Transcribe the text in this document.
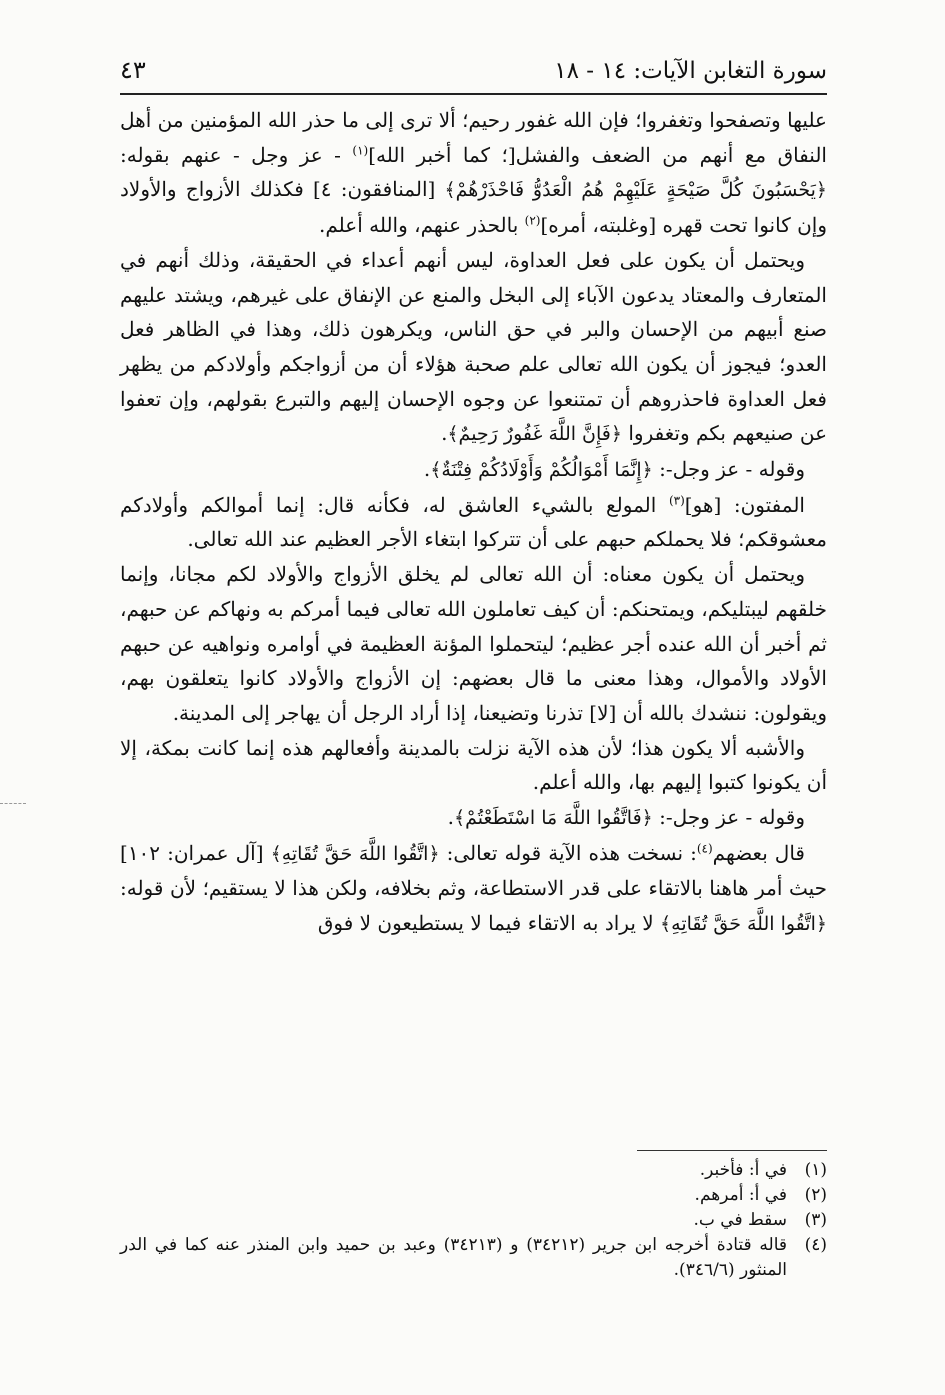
سورة التغابن الآيات: ١٤ - ١٨
٤٣

عليها وتصفحوا وتغفروا؛ فإن الله غفور رحيم؛ ألا ترى إلى ما حذر الله المؤمنين من أهل النفاق مع أنهم من الضعف والفشل[؛ كما أخبر الله]$^{(١)}$ - عز وجل - عنهم بقوله: ﴿يَحْسَبُونَ كُلَّ صَيْحَةٍ عَلَيْهِمْ هُمُ الْعَدُوُّ فَاحْذَرْهُمْ﴾ [المنافقون: ٤] فكذلك الأزواج والأولاد وإن كانوا تحت قهره [وغلبته، أمره]$^{(٢)}$ بالحذر عنهم، والله أعلم.

ويحتمل أن يكون على فعل العداوة، ليس أنهم أعداء في الحقيقة، وذلك أنهم في المتعارف والمعتاد يدعون الآباء إلى البخل والمنع عن الإنفاق على غيرهم، ويشتد عليهم صنع أبيهم من الإحسان والبر في حق الناس، ويكرهون ذلك، وهذا في الظاهر فعل العدو؛ فيجوز أن يكون الله تعالى علم صحبة هؤلاء أن من أزواجكم وأولادكم من يظهر فعل العداوة فاحذروهم أن تمتنعوا عن وجوه الإحسان إليهم والتبرع بقولهم، وإن تعفوا عن صنيعهم بكم وتغفروا ﴿فَإِنَّ اللَّهَ غَفُورٌ رَحِيمٌ﴾.

وقوله - عز وجل-: ﴿إِنَّمَا أَمْوَالُكُمْ وَأَوْلَادُكُمْ فِتْنَةٌ﴾.

المفتون: [هو]$^{(٣)}$ المولع بالشيء العاشق له، فكأنه قال: إنما أموالكم وأولادكم معشوقكم؛ فلا يحملكم حبهم على أن تتركوا ابتغاء الأجر العظيم عند الله تعالى.

ويحتمل أن يكون معناه: أن الله تعالى لم يخلق الأزواج والأولاد لكم مجانا، وإنما خلقهم ليبتليكم، ويمتحنكم: أن كيف تعاملون الله تعالى فيما أمركم به ونهاكم عن حبهم، ثم أخبر أن الله عنده أجر عظيم؛ ليتحملوا المؤنة العظيمة في أوامره ونواهيه عن حبهم الأولاد والأموال، وهذا معنى ما قال بعضهم: إن الأزواج والأولاد كانوا يتعلقون بهم، ويقولون: ننشدك بالله أن [لا] تذرنا وتضيعنا، إذا أراد الرجل أن يهاجر إلى المدينة.

والأشبه ألا يكون هذا؛ لأن هذه الآية نزلت بالمدينة وأفعالهم هذه إنما كانت بمكة، إلا أن يكونوا كتبوا إليهم بها، والله أعلم.

وقوله - عز وجل-: ﴿فَاتَّقُوا اللَّهَ مَا اسْتَطَعْتُمْ﴾.

قال بعضهم$^{(٤)}$: نسخت هذه الآية قوله تعالى: ﴿اتَّقُوا اللَّهَ حَقَّ تُقَاتِهِ﴾ [آل عمران: ١٠٢] حيث أمر هاهنا بالاتقاء على قدر الاستطاعة، وثم بخلافه، ولكن هذا لا يستقيم؛ لأن قوله: ﴿اتَّقُوا اللَّهَ حَقَّ تُقَاتِهِ﴾ لا يراد به الاتقاء فيما لا يستطيعون لا فوق

(١)في أ: فأخبر.

(٢)في أ: أمرهم.

(٣)سقط في ب.

(٤)قاله قتادة أخرجه ابن جرير (٣٤٢١٢) و (٣٤٢١٣) وعبد بن حميد وابن المنذر عنه كما في الدر المنثور (٣٤٦/٦).
